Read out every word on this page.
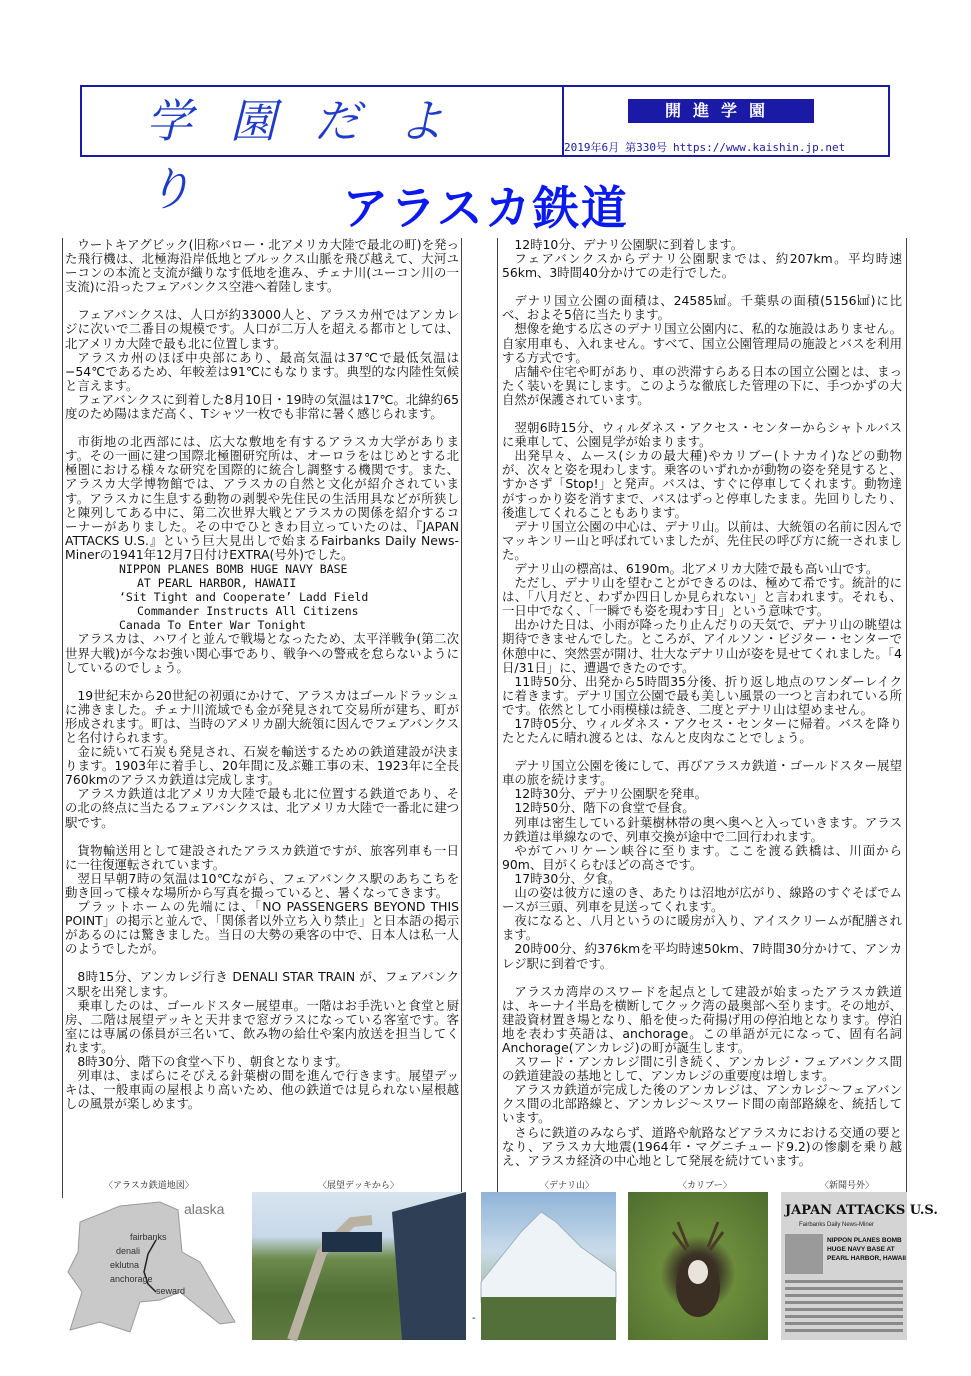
学園だより
開進学園
2019年6月 第330号 https://www.kaishin.jp.net
アラスカ鉄道

ウートキアグビック(旧称バロー・北アメリカ大陸で最北の町)を発った飛行機は、北極海沿岸低地とブルックス山脈を飛び越えて、大河ユーコンの本流と支流が織りなす低地を進み、チェナ川(ユーコン川の一支流)に沿ったフェアバンクス空港へ着陸します。

フェアバンクスは、人口が約33000人と、アラスカ州ではアンカレジに次いで二番目の規模です。人口が二万人を超える都市としては、北アメリカ大陸で最も北に位置します。

アラスカ州のほぼ中央部にあり、最高気温は37℃で最低気温は−54℃であるため、年較差は91℃にもなります。典型的な内陸性気候と言えます。

フェアバンクスに到着した8月10日・19時の気温は17℃。北緯約65度のため陽はまだ高く、Tシャツ一枚でも非常に暑く感じられます。

市街地の北西部には、広大な敷地を有するアラスカ大学があります。その一画に建つ国際北極圏研究所は、オーロラをはじめとする北極圏における様々な研究を国際的に統合し調整する機関です。また、アラスカ大学博物館では、アラスカの自然と文化が紹介されています。アラスカに生息する動物の剥製や先住民の生活用具などが所狭しと陳列してある中に、第二次世界大戦とアラスカの関係を紹介するコーナーがありました。その中でひときわ目立っていたのは、『JAPAN ATTACKS U.S.』という巨大見出しで始まるFairbanks Daily News-Minerの1941年12月7日付けEXTRA(号外)でした。

NIPPON PLANES BOMB HUGE NAVY BASE

AT PEARL HARBOR, HAWAII

‘Sit Tight and Cooperate’ Ladd Field

Commander Instructs All Citizens

Canada To Enter War Tonight

アラスカは、ハワイと並んで戦場となったため、太平洋戦争(第二次世界大戦)が今なお強い関心事であり、戦争への警戒を怠らないようにしているのでしょう。

19世紀末から20世紀の初頭にかけて、アラスカはゴールドラッシュに沸きました。チェナ川流域でも金が発見されて交易所が建ち、町が形成されます。町は、当時のアメリカ副大統領に因んでフェアバンクスと名付けられます。

金に続いて石炭も発見され、石炭を輸送するための鉄道建設が決まります。1903年に着手し、20年間に及ぶ難工事の末、1923年に全長760kmのアラスカ鉄道は完成します。

アラスカ鉄道は北アメリカ大陸で最も北に位置する鉄道であり、その北の終点に当たるフェアバンクスは、北アメリカ大陸で一番北に建つ駅です。

貨物輸送用として建設されたアラスカ鉄道ですが、旅客列車も一日に一往復運転されています。

翌日早朝7時の気温は10℃ながら、フェアバンクス駅のあちこちを動き回って様々な場所から写真を撮っていると、暑くなってきます。

プラットホームの先端には、「NO PASSENGERS BEYOND THIS POINT」の掲示と並んで、「関係者以外立ち入り禁止」と日本語の掲示があるのには驚きました。当日の大勢の乗客の中で、日本人は私一人のようでしたが。

8時15分、アンカレジ行き DENALI STAR TRAIN が、フェアバンクス駅を出発します。

乗車したのは、ゴールドスター展望車。一階はお手洗いと食堂と厨房、二階は展望デッキと天井まで窓ガラスになっている客室です。客室には専属の係員が三名いて、飲み物の給仕や案内放送を担当してくれます。

8時30分、階下の食堂へ下り、朝食となります。

列車は、まばらにそびえる針葉樹の間を進んで行きます。展望デッキは、一般車両の屋根より高いため、他の鉄道では見られない屋根越しの風景が楽しめます。

12時10分、デナリ公園駅に到着します。

フェアバンクスからデナリ公園駅までは、約207km。平均時速56km、3時間40分かけての走行でした。

デナリ国立公園の面積は、24585㎢。千葉県の面積(5156㎢)に比べ、およそ5倍に当たります。

想像を絶する広さのデナリ国立公園内に、私的な施設はありません。自家用車も、入れません。すべて、国立公園管理局の施設とバスを利用する方式です。

店舗や住宅や町があり、車の渋滞すらある日本の国立公園とは、まったく装いを異にします。このような徹底した管理の下に、手つかずの大自然が保護されています。

翌朝6時15分、ウィルダネス・アクセス・センターからシャトルバスに乗車して、公園見学が始まります。

出発早々、ムース(シカの最大種)やカリブー(トナカイ)などの動物が、次々と姿を現わします。乗客のいずれかが動物の姿を発見すると、すかさず「Stop!」と発声。バスは、すぐに停車してくれます。動物達がすっかり姿を消すまで、バスはずっと停車したまま。先回りしたり、後進してくれることもあります。

デナリ国立公園の中心は、デナリ山。以前は、大統領の名前に因んでマッキンリー山と呼ばれていましたが、先住民の呼び方に統一されました。

デナリ山の標高は、6190m。北アメリカ大陸で最も高い山です。

ただし、デナリ山を望むことができるのは、極めて希です。統計的には、「八月だと、わずか四日しか見られない」と言われます。それも、一日中でなく、「一瞬でも姿を現わす日」という意味です。

出かけた日は、小雨が降ったり止んだりの天気で、デナリ山の眺望は期待できませんでした。ところが、アイルソン・ビジター・センターで休憩中に、突然雲が開け、壮大なデナリ山が姿を見せてくれました。「4日/31日」に、遭遇できたのです。

11時50分、出発から5時間35分後、折り返し地点のワンダーレイクに着きます。デナリ国立公園で最も美しい風景の一つと言われている所です。依然として小雨模様は続き、二度とデナリ山は望めません。

17時05分、ウィルダネス・アクセス・センターに帰着。バスを降りたとたんに晴れ渡るとは、なんと皮肉なことでしょう。

デナリ国立公園を後にして、再びアラスカ鉄道・ゴールドスター展望車の旅を続けます。

12時30分、デナリ公園駅を発車。

12時50分、階下の食堂で昼食。

列車は密生している針葉樹林帯の奥へ奥へと入っていきます。アラスカ鉄道は単線なので、列車交換が途中で二回行われます。

やがてハリケーン峡谷に至ります。ここを渡る鉄橋は、川面から90m、目がくらむほどの高さです。

17時30分、夕食。

山の姿は彼方に遠のき、あたりは沼地が広がり、線路のすぐそばでムースが三頭、列車を見送ってくれます。

夜になると、八月というのに暖房が入り、アイスクリームが配膳されます。

20時00分、約376kmを平均時速50km、7時間30分かけて、アンカレジ駅に到着です。

アラスカ湾岸のスワードを起点として建設が始まったアラスカ鉄道は、キーナイ半島を横断してクック湾の最奥部へ至ります。その地が、建設資材置き場となり、船を使った荷揚げ用の停泊地となります。停泊地を表わす英語は、anchorage。この単語が元になって、固有名詞Anchorage(アンカレジ)の町が誕生します。

スワード・アンカレジ間に引き続く、アンカレジ・フェアバンクス間の鉄道建設の基地として、アンカレジの重要度は増します。

アラスカ鉄道が完成した後のアンカレジは、アンカレジ～フェアバンクス間の北部路線と、アンカレジ～スワード間の南部路線を、統括しています。

さらに鉄道のみならず、道路や航路などアラスカにおける交通の要となり、アラスカ大地震(1964年・マグニチュード9.2)の惨劇を乗り越え、アラスカ経済の中心地として発展を続けています。

〈アラスカ鉄道地図〉	〈展望デッキから〉	〈デナリ山〉	〈カリブー〉	〈新聞号外〉
alaska
fairbanks
denali
eklutna
anchorage
seward
JAPAN ATTACKS U.S.
Fairbanks Daily News-Miner
NIPPON PLANES BOMB
HUGE NAVY BASE AT
PEARL HARBOR, HAWAII
-
